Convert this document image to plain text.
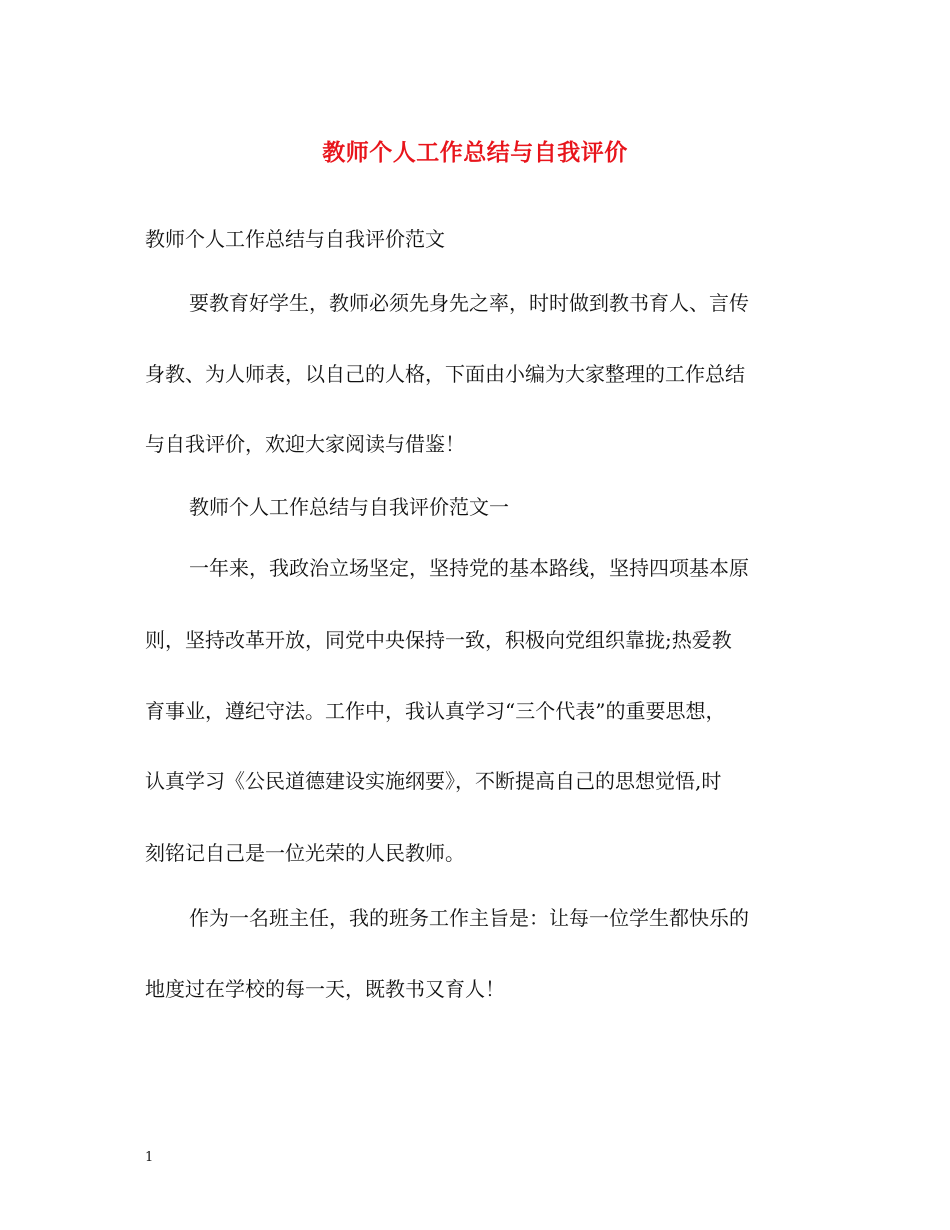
教师个人工作总结与自我评价
教师个人工作总结与自我评价范文
要教育好学生，教师必须先身先之率，时时做到教书育人、言传
身教、为人师表，以自己的人格，下面由小编为大家整理的工作总结
与自我评价，欢迎大家阅读与借鉴！
教师个人工作总结与自我评价范文一
一年来，我政治立场坚定，坚持党的基本路线，坚持四项基本原
则，坚持改革开放，同党中央保持一致，积极向党组织靠拢;热爱教
育事业，遵纪守法。工作中，我认真学习“三个代表”的重要思想，
认真学习《公民道德建设实施纲要》，不断提高自己的思想觉悟,时
刻铭记自己是一位光荣的人民教师。
作为一名班主任，我的班务工作主旨是：让每一位学生都快乐的
地度过在学校的每一天，既教书又育人！
1
